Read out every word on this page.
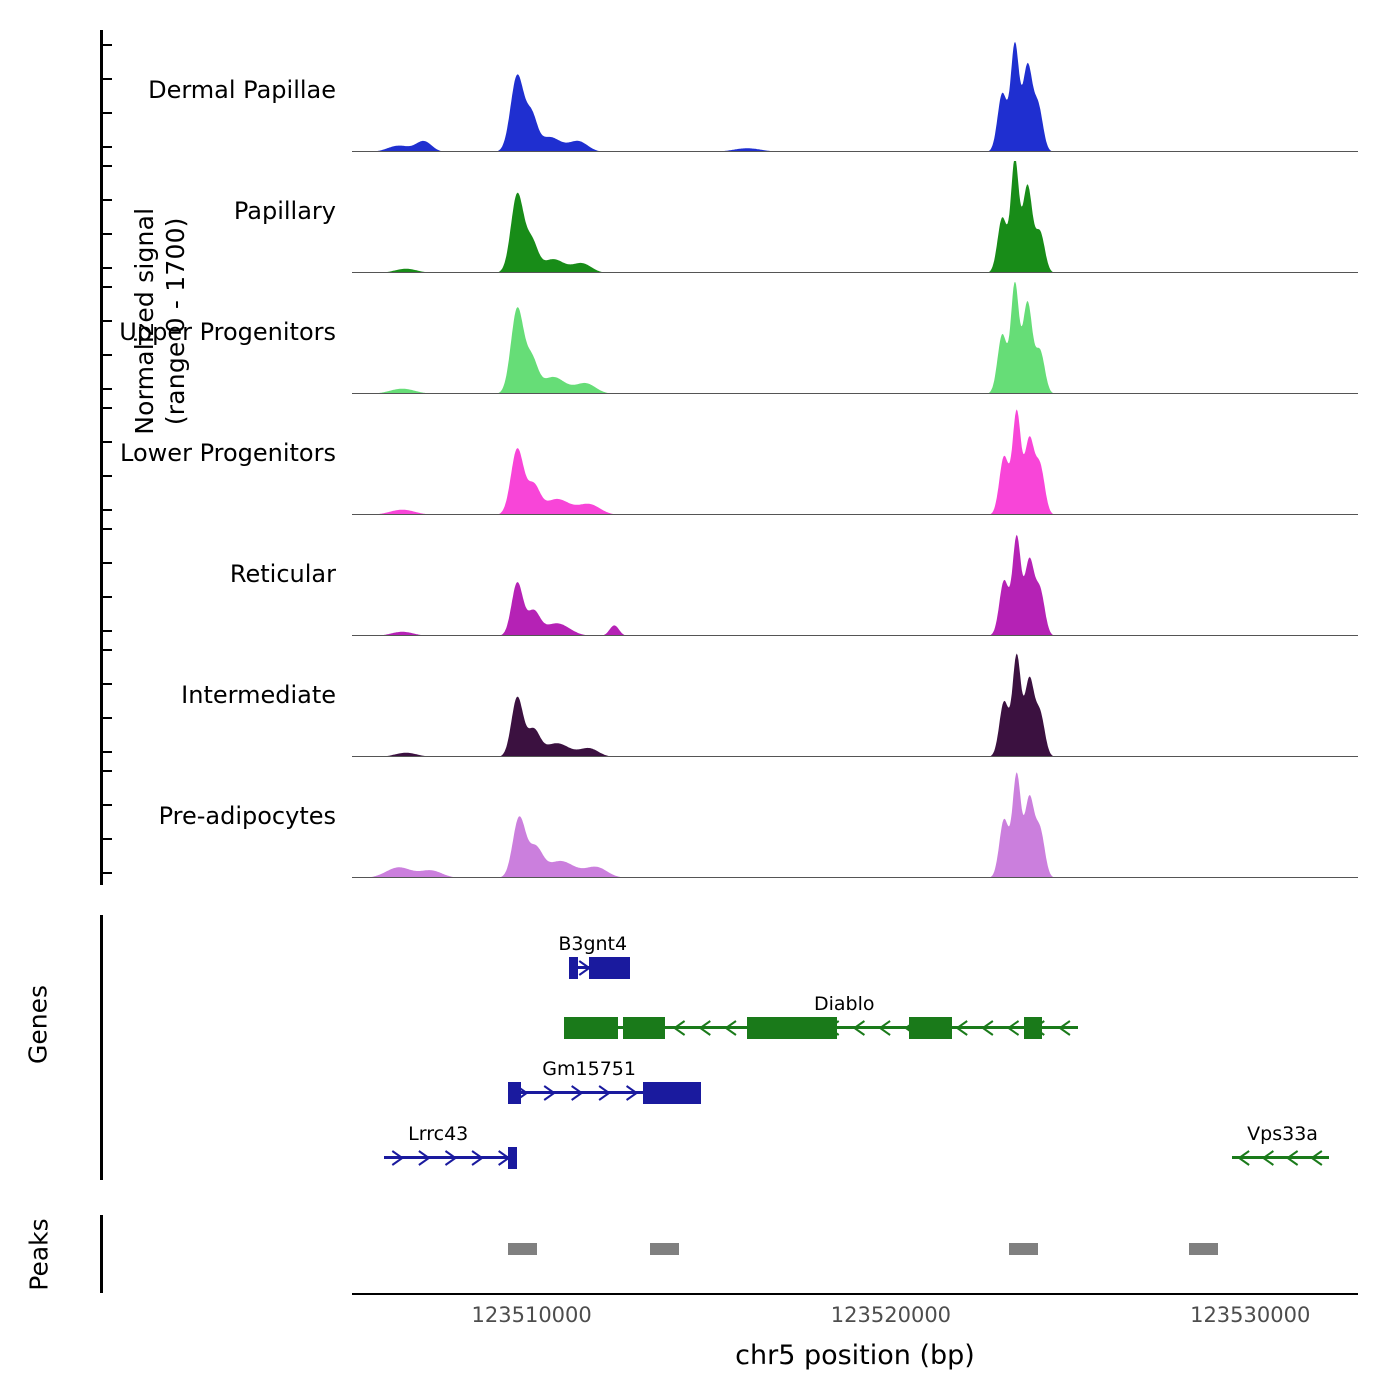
Normalized signal (range 0 - 1700)
Genes
Peaks
Dermal Papillae
Papillary
Upper Progenitors
Lower Progenitors
Reticular
Intermediate
Pre-adipocytes
B3gnt4
Diablo
Gm15751
Lrrc43	Vps33a
123510000	123520000	123530000
chr5 position (bp)
